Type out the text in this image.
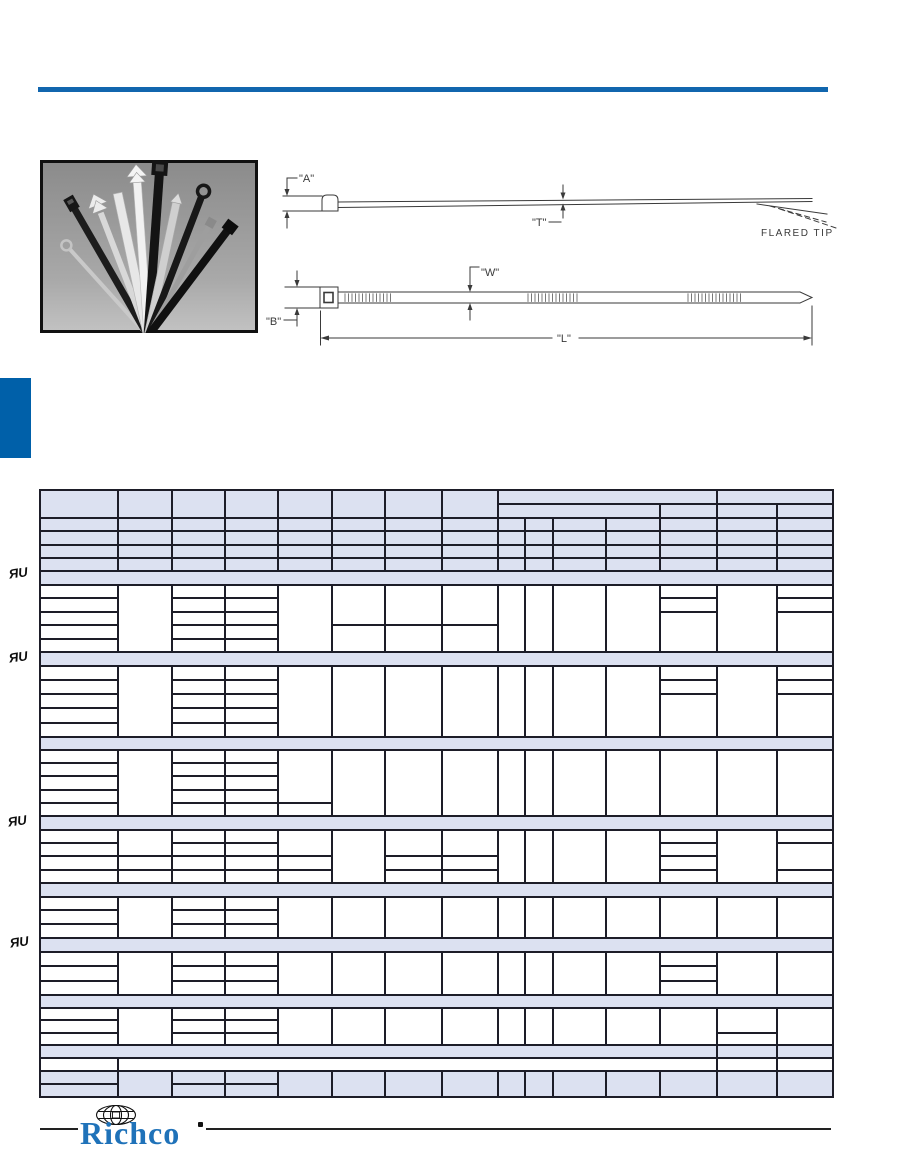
"A"
"T"
FLARED TIP
"W"
"B"
"L"
ЯU
ЯU
ЯU
ЯU
Richco
